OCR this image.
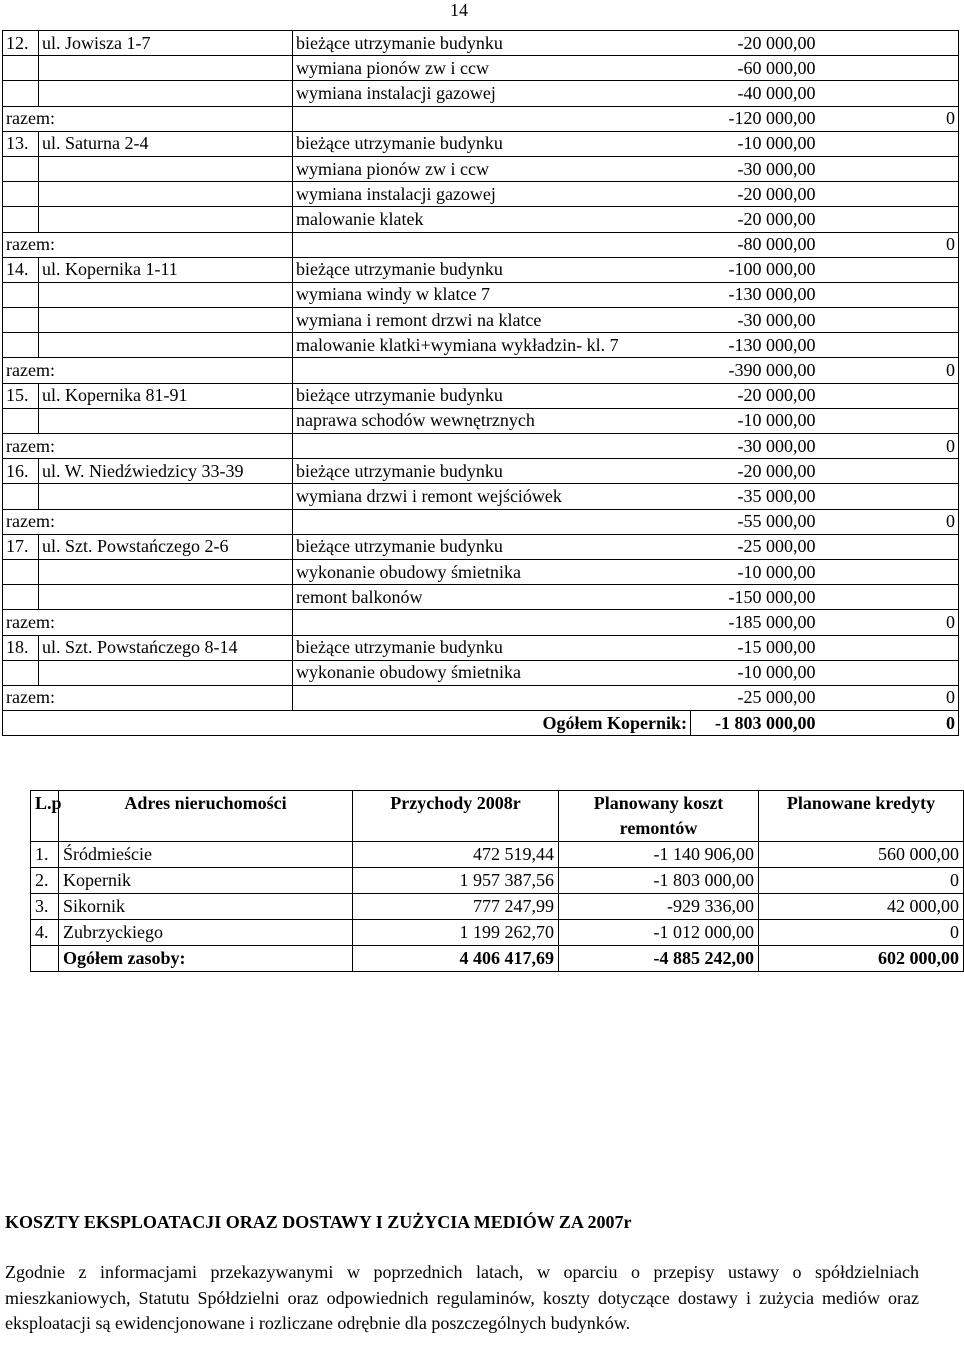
14
12.	ul. Jowisza 1-7	bieżące utrzymanie budynku	-20 000,00	
		wymiana pionów zw i ccw	-60 000,00	
		wymiana instalacji gazowej	-40 000,00	
razem:			-120 000,00	0
13.	ul. Saturna 2-4	bieżące utrzymanie budynku	-10 000,00	
		wymiana pionów zw i ccw	-30 000,00	
		wymiana instalacji gazowej	-20 000,00	
		malowanie klatek	-20 000,00	
razem:			-80 000,00	0
14.	ul. Kopernika 1-11	bieżące utrzymanie budynku	-100 000,00	
		wymiana windy w klatce 7	-130 000,00	
		wymiana i remont drzwi na klatce	-30 000,00	
		malowanie klatki+wymiana wykładzin- kl. 7	-130 000,00	
razem:			-390 000,00	0
15.	ul. Kopernika 81-91	bieżące utrzymanie budynku	-20 000,00	
		naprawa schodów wewnętrznych	-10 000,00	
razem:			-30 000,00	0
16.	ul. W. Niedźwiedzicy 33-39	bieżące utrzymanie budynku	-20 000,00	
		wymiana drzwi i remont wejściówek	-35 000,00	
razem:			-55 000,00	0
17.	ul. Szt. Powstańczego 2-6	bieżące utrzymanie budynku	-25 000,00	
		wykonanie obudowy śmietnika	-10 000,00	
		remont balkonów	-150 000,00	
razem:			-185 000,00	0
18.	ul. Szt. Powstańczego 8-14	bieżące utrzymanie budynku	-15 000,00	
		wykonanie obudowy śmietnika	-10 000,00	
razem:			-25 000,00	0
Ogółem Kopernik:			-1 803 000,00	0
L.p	Adres nieruchomości	Przychody 2008r	Planowany koszt remontów	Planowane kredyty
1.	Śródmieście	472 519,44	-1 140 906,00	560 000,00
2.	Kopernik	1 957 387,56	-1 803 000,00	0
3.	Sikornik	777 247,99	-929 336,00	42 000,00
4.	Zubrzyckiego	1 199 262,70	-1 012 000,00	0
	Ogółem zasoby:	4 406 417,69	-4 885 242,00	602 000,00
KOSZTY EKSPLOATACJI ORAZ DOSTAWY I ZUŻYCIA MEDIÓW ZA 2007r
Zgodnie z informacjami przekazywanymi w poprzednich latach, w oparciu o przepisy ustawy o spółdzielniach mieszkaniowych, Statutu Spółdzielni oraz odpowiednich regulaminów, koszty dotyczące dostawy i zużycia mediów oraz eksploatacji są ewidencjonowane i rozliczane odrębnie dla poszczególnych budynków.
